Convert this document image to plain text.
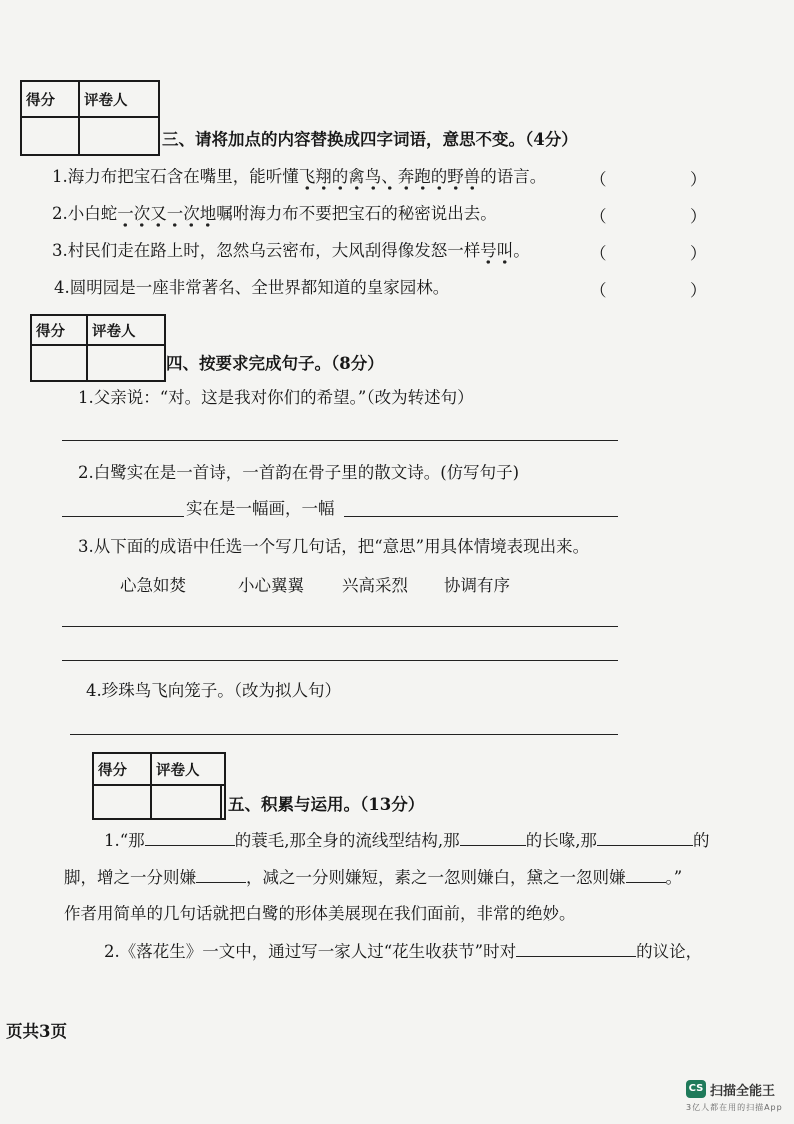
得分	评卷人

三、请将加点的内容替换成四字词语，意思不变。（4分）
1.海力布把宝石含在嘴里，能听懂飞翔的禽鸟、奔跑的野兽的语言。	（	）
2.小白蛇一次又一次地嘱咐海力布不要把宝石的秘密说出去。	（	）
3.村民们走在路上时，忽然乌云密布，大风刮得像发怒一样号叫。	（	）
4.圆明园是一座非常著名、全世界都知道的皇家园林。	（	）
得分	评卷人

四、按要求完成句子。（8分）
1.父亲说：“对。这是我对你们的希望。”（改为转述句）
2.白鹭实在是一首诗，一首韵在骨子里的散文诗。(仿写句子)
实在是一幅画，一幅
3.从下面的成语中任选一个写几句话，把“意思”用具体情境表现出来。
心急如焚	小心翼翼 兴高采烈 协调有序
4.珍珠鸟飞向笼子。（改为拟人句）
得分	评卷人

五、积累与运用。（13分）
1.“那	的蓑毛,那全身的流线型结构,那	的长喙,那	的
脚，增之一分则嫌	，减之一分则嫌短，素之一忽则嫌白，黛之一忽则嫌 。”
作者用简单的几句话就把白鹭的形体美展现在我们面前，非常的绝妙。
2.《落花生》一文中，通过写一家人过“花生收获节”时对	的议论，
页共3页
CS 扫描全能王
3亿人都在用的扫描App
